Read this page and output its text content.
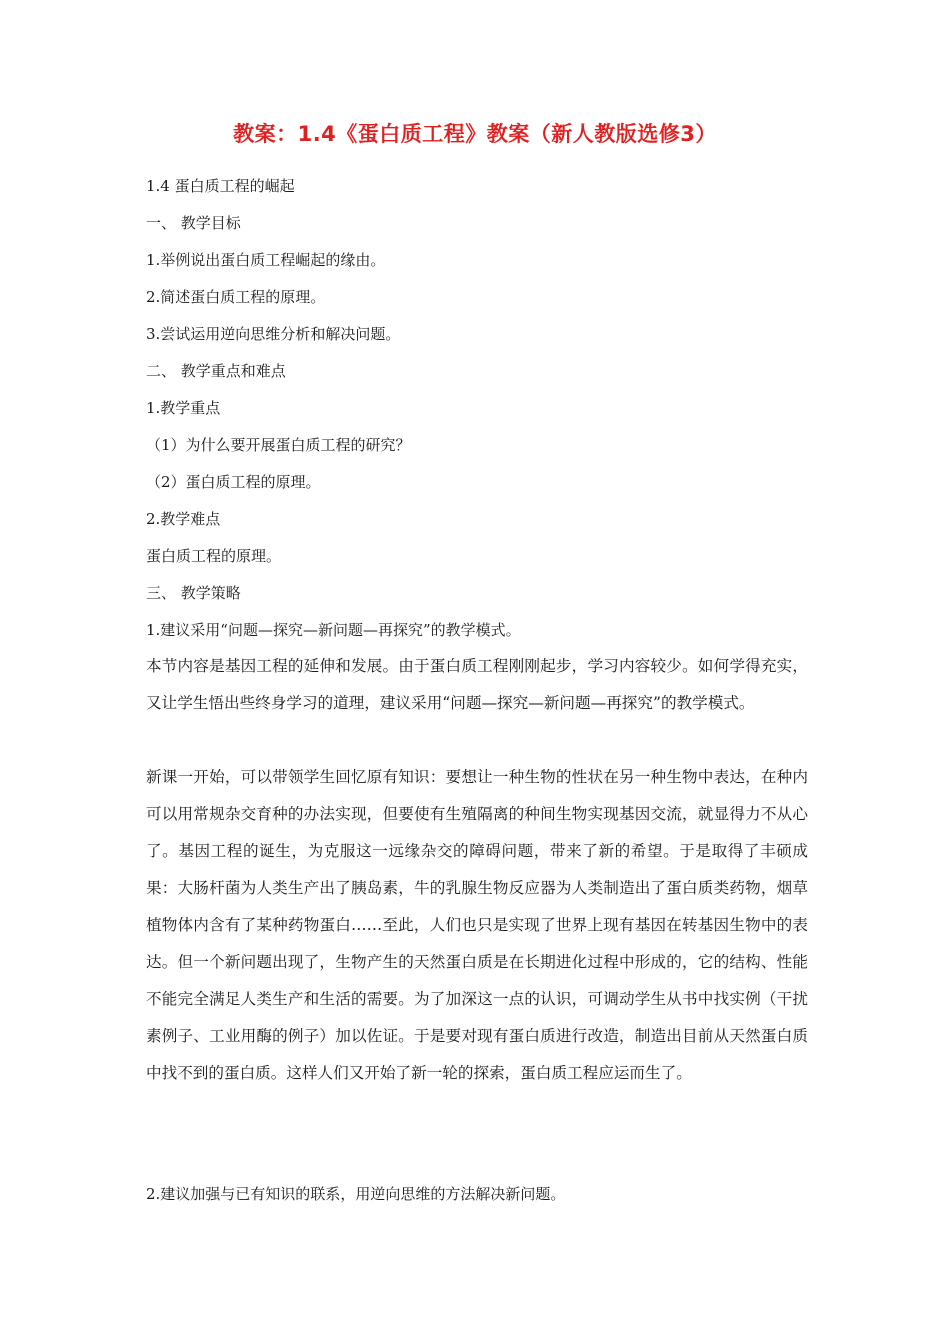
教案：1.4《蛋白质工程》教案（新人教版选修3）
1.4 蛋白质工程的崛起
一、 教学目标
1.举例说出蛋白质工程崛起的缘由。
2.简述蛋白质工程的原理。
3.尝试运用逆向思维分析和解决问题。
二、 教学重点和难点
1.教学重点
（1）为什么要开展蛋白质工程的研究？
（2）蛋白质工程的原理。
2.教学难点
蛋白质工程的原理。
三、 教学策略
1.建议采用“问题—探究—新问题—再探究”的教学模式。
本节内容是基因工程的延伸和发展。由于蛋白质工程刚刚起步，学习内容较少。如何学得充实，又让学生悟出些终身学习的道理，建议采用“问题—探究—新问题—再探究”的教学模式。
新课一开始，可以带领学生回忆原有知识：要想让一种生物的性状在另一种生物中表达，在种内可以用常规杂交育种的办法实现，但要使有生殖隔离的种间生物实现基因交流，就显得力不从心了。基因工程的诞生，为克服这一远缘杂交的障碍问题，带来了新的希望。于是取得了丰硕成果：大肠杆菌为人类生产出了胰岛素，牛的乳腺生物反应器为人类制造出了蛋白质类药物，烟草植物体内含有了某种药物蛋白……至此，人们也只是实现了世界上现有基因在转基因生物中的表达。但一个新问题出现了，生物产生的天然蛋白质是在长期进化过程中形成的，它的结构、性能不能完全满足人类生产和生活的需要。为了加深这一点的认识，可调动学生从书中找实例（干扰素例子、工业用酶的例子）加以佐证。于是要对现有蛋白质进行改造，制造出目前从天然蛋白质中找不到的蛋白质。这样人们又开始了新一轮的探索，蛋白质工程应运而生了。
2.建议加强与已有知识的联系，用逆向思维的方法解决新问题。
